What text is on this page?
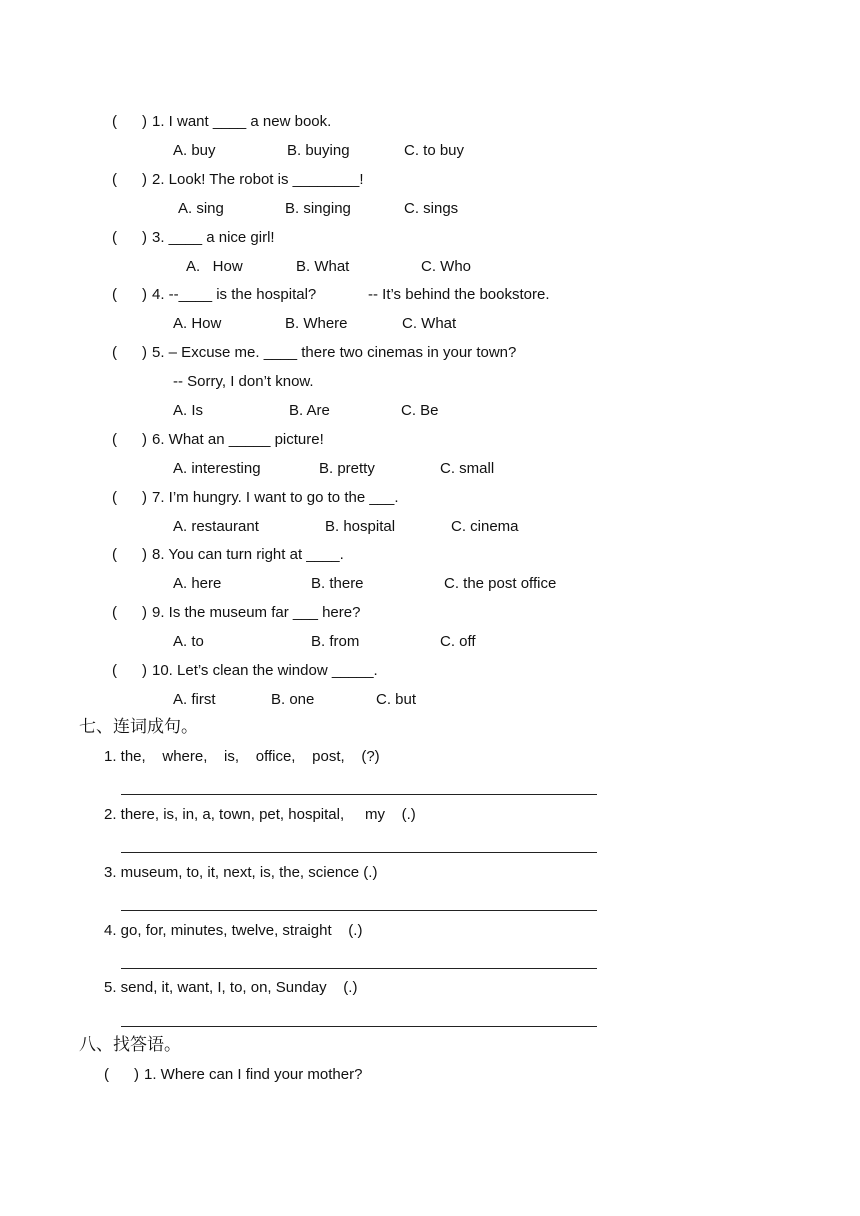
(      ) 1. I want ____ a new book.
A. buy	B. buying	C. to buy
(      ) 2. Look! The robot is ________!
A. sing	B. singing	C. sings
(      ) 3. ____ a nice girl!
A.   How	B. What	C. Who
(      ) 4. --____ is the hospital?	-- It’s behind the bookstore.
A. How	B. Where	C. What
(      ) 5. – Excuse me. ____ there two cinemas in your town?
-- Sorry, I don’t know.
A. Is	B. Are	C. Be
(      ) 6. What an _____ picture!
A. interesting	B. pretty	C. small
(      ) 7. I’m hungry. I want to go to the ___.
A. restaurant	B. hospital	C. cinema
(      ) 8. You can turn right at ____.
A. here	B. there	C. the post office
(      ) 9. Is the museum far ___ here?
A. to	B. from	C. off
(      ) 10. Let’s clean the window _____.
A. first	B. one	C. but
七、连词成句。
1. the,    where,    is,    office,    post,    (?)
2. there, is, in, a, town, pet, hospital,     my    (.)
3. museum, to, it, next, is, the, science (.)
4. go, for, minutes, twelve, straight    (.)
5. send, it, want, I, to, on, Sunday    (.)
八、找答语。
(      ) 1. Where can I find your mother?
